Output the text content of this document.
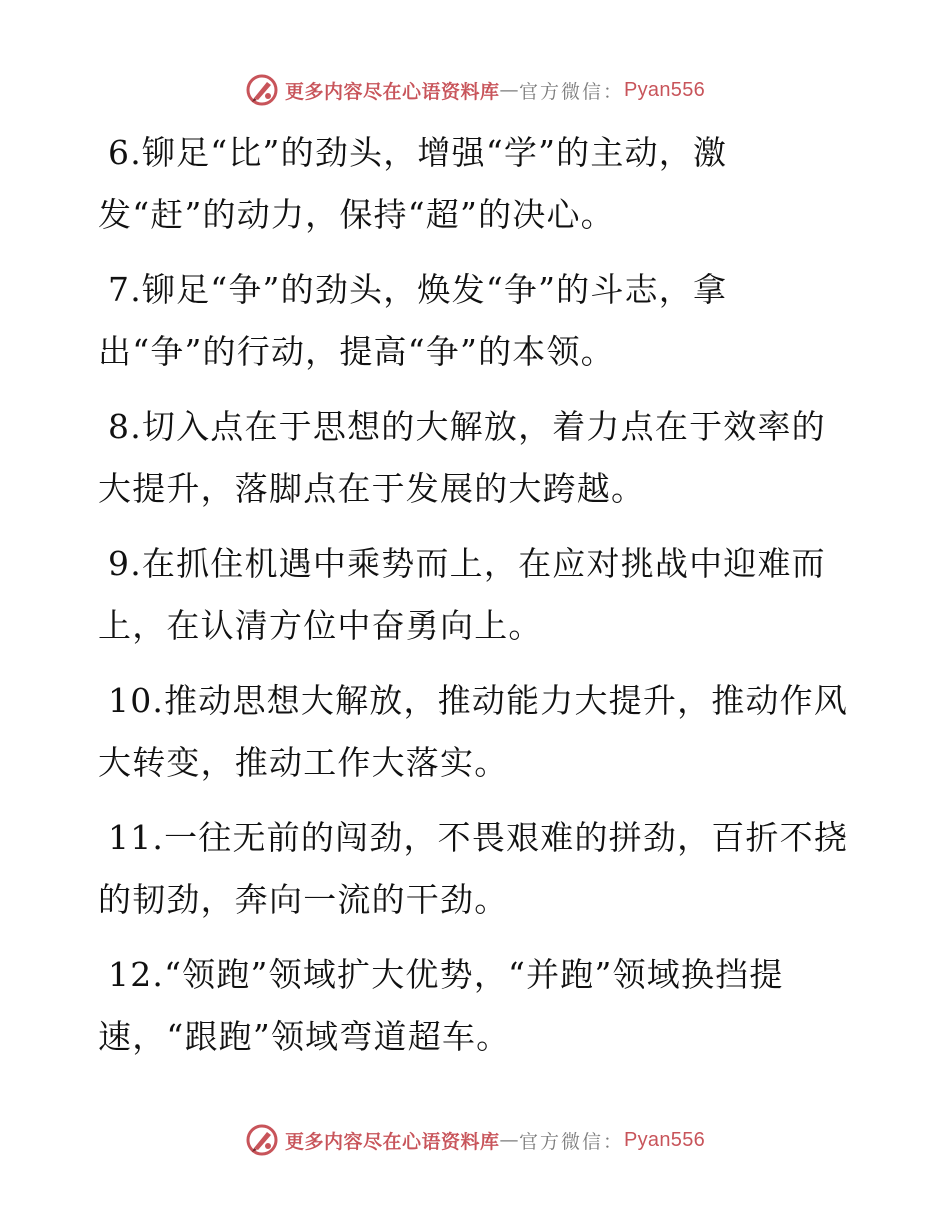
更多内容尽在心语资料库 — 官方微信： Pyan556
6.铆足“比”的劲头，增强“学”的主动，激
发“赶”的动力，保持“超”的决心。
7.铆足“争”的劲头，焕发“争”的斗志，拿
出“争”的行动，提高“争”的本领。
8.切入点在于思想的大解放，着力点在于效率的
大提升，落脚点在于发展的大跨越。
9.在抓住机遇中乘势而上，在应对挑战中迎难而
上，在认清方位中奋勇向上。
10.推动思想大解放，推动能力大提升，推动作风
大转变，推动工作大落实。
11.一往无前的闯劲，不畏艰难的拼劲，百折不挠
的韧劲，奔向一流的干劲。
12.“领跑”领域扩大优势，“并跑”领域换挡提
速，“跟跑”领域弯道超车。
更多内容尽在心语资料库 — 官方微信： Pyan556
